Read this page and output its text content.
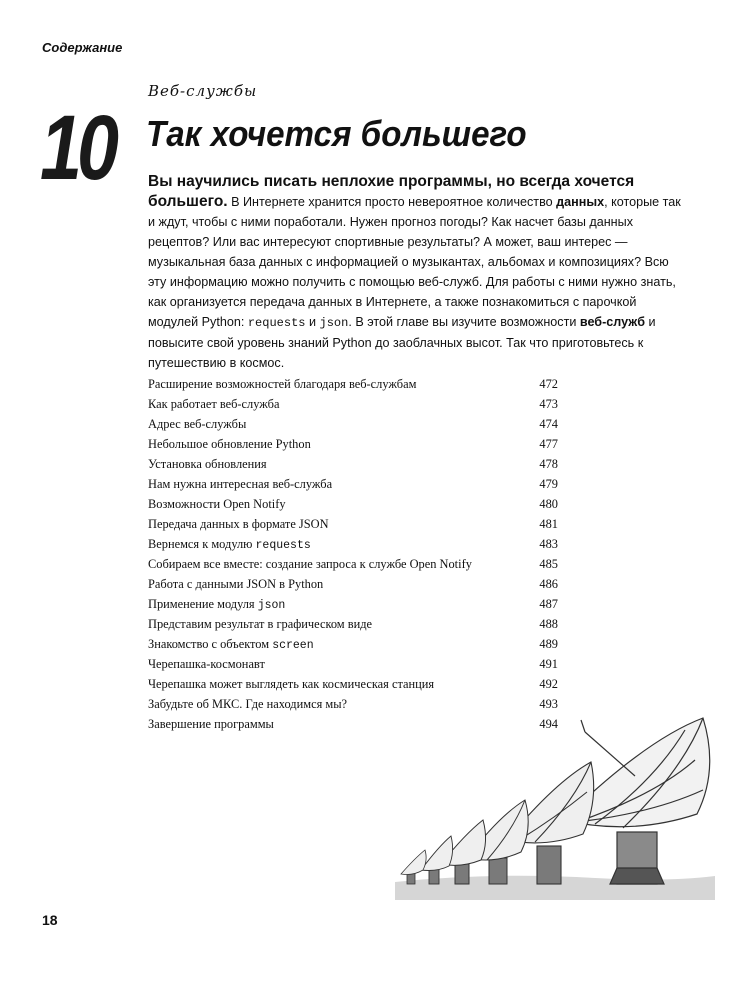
Содержание
Веб-службы
10 Так хочется большего
Вы научились писать неплохие программы, но всегда хочется большего. В Интернете хранится просто невероятное количество данных, которые так и ждут, чтобы с ними поработали. Нужен прогноз погоды? Как насчет базы данных рецептов? Или вас интересуют спортивные результаты? А может, ваш интерес — музыкальная база данных с информацией о музыкантах, альбомах и композициях? Всю эту информацию можно получить с помощью веб-служб. Для работы с ними нужно знать, как организуется передача данных в Интернете, а также познакомиться с парочкой модулей Python: requests и json. В этой главе вы изучите возможности веб-служб и повысите свой уровень знаний Python до заоблачных высот. Так что приготовьтесь к путешествию в космос.
Расширение возможностей благодаря веб-службам	472
Как работает веб-служба	473
Адрес веб-службы	474
Небольшое обновление Python	477
Установка обновления	478
Нам нужна интересная веб-служба	479
Возможности Open Notify	480
Передача данных в формате JSON	481
Вернемся к модулю requests	483
Собираем все вместе: создание запроса к службе Open Notify	485
Работа с данными JSON в Python	486
Применение модуля json	487
Представим результат в графическом виде	488
Знакомство с объектом screen	489
Черепашка-космонавт	491
Черепашка может выглядеть как космическая станция	492
Забудьте об МКС. Где находимся мы?	493
Завершение программы	494
18
